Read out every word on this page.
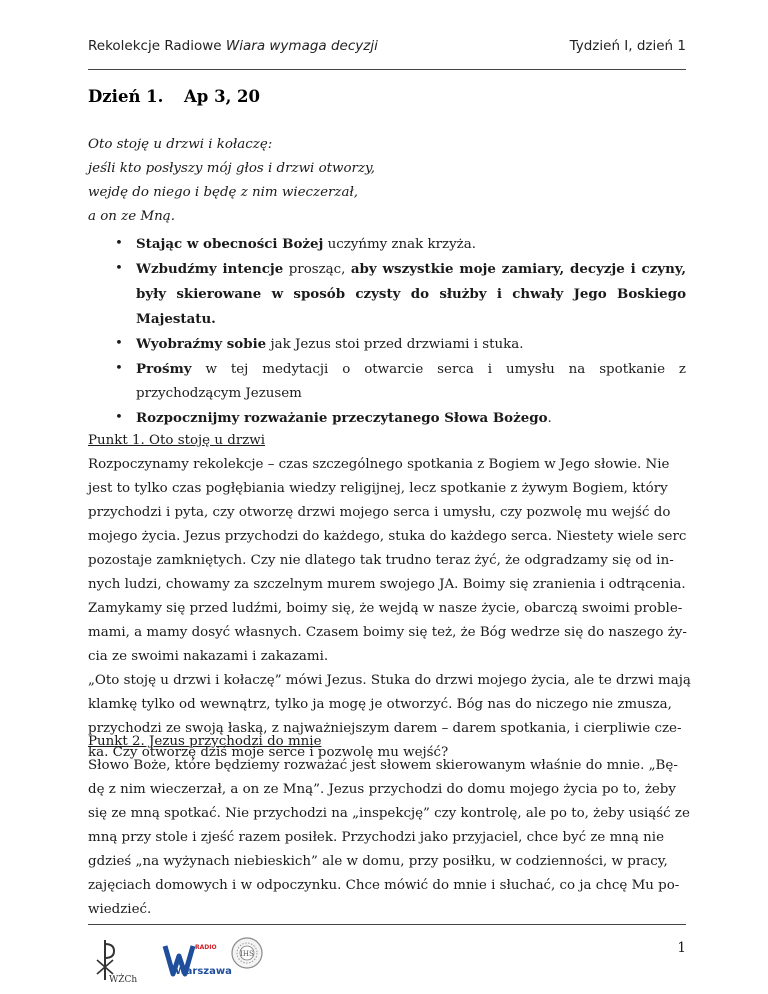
Rekolekcje Radiowe Wiara wymaga decyzji	Tydzień I, dzień 1
Dzień 1. Ap 3, 20
Oto stoję u drzwi i kołaczę:
jeśli kto posłyszy mój głos i drzwi otworzy,
wejdę do niego i będę z nim wieczerzał,
a on ze Mną.
• Stając w obecności Bożej uczyńmy znak krzyża.
• Wzbudźmy intencje prosząc, aby wszystkie moje zamiary, decyzje i czyny, były skierowane w sposób czysty do służby i chwały Jego Boskiego Majestatu.
• Wyobraźmy sobie jak Jezus stoi przed drzwiami i stuka.
• Prośmy w tej medytacji o otwarcie serca i umysłu na spotkanie z przychodzącym Jezusem
• Rozpocznijmy rozważanie przeczytanego Słowa Bożego.
Punkt 1. Oto stoję u drzwi
Rozpoczynamy rekolekcje – czas szczególnego spotkania z Bogiem w Jego słowie. Nie
jest to tylko czas pogłębiania wiedzy religijnej, lecz spotkanie z żywym Bogiem, który
przychodzi i pyta, czy otworzę drzwi mojego serca i umysłu, czy pozwolę mu wejść do
mojego życia. Jezus przychodzi do każdego, stuka do każdego serca. Niestety wiele serc
pozostaje zamkniętych. Czy nie dlatego tak trudno teraz żyć, że odgradzamy się od in-
nych ludzi, chowamy za szczelnym murem swojego JA. Boimy się zranienia i odtrącenia.
Zamykamy się przed ludźmi, boimy się, że wejdą w nasze życie, obarczą swoimi proble-
mami, a mamy dosyć własnych. Czasem boimy się też, że Bóg wedrze się do naszego ży-
cia ze swoimi nakazami i zakazami.
„Oto stoję u drzwi i kołaczę” mówi Jezus. Stuka do drzwi mojego życia, ale te drzwi mają
klamkę tylko od wewnątrz, tylko ja mogę je otworzyć. Bóg nas do niczego nie zmusza,
przychodzi ze swoją łaską, z najważniejszym darem – darem spotkania, i cierpliwie cze-
ka. Czy otworzę dziś moje serce i pozwolę mu wejść?
Punkt 2. Jezus przychodzi do mnie
Słowo Boże, które będziemy rozważać jest słowem skierowanym właśnie do mnie. „Bę-
dę z nim wieczerzał, a on ze Mną”. Jezus przychodzi do domu mojego życia po to, żeby
się ze mną spotkać. Nie przychodzi na „inspekcję” czy kontrolę, ale po to, żeby usiąść ze
mną przy stole i zjeść razem posiłek. Przychodzi jako przyjaciel, chce być ze mną nie
gdzieś „na wyżynach niebieskich” ale w domu, przy posiłku, w codzienności, w pracy,
zajęciach domowych i w odpoczynku. Chce mówić do mnie i słuchać, co ja chcę Mu po-
wiedzieć.
WŻCh
RADIO
Warszawa
IHS	1
